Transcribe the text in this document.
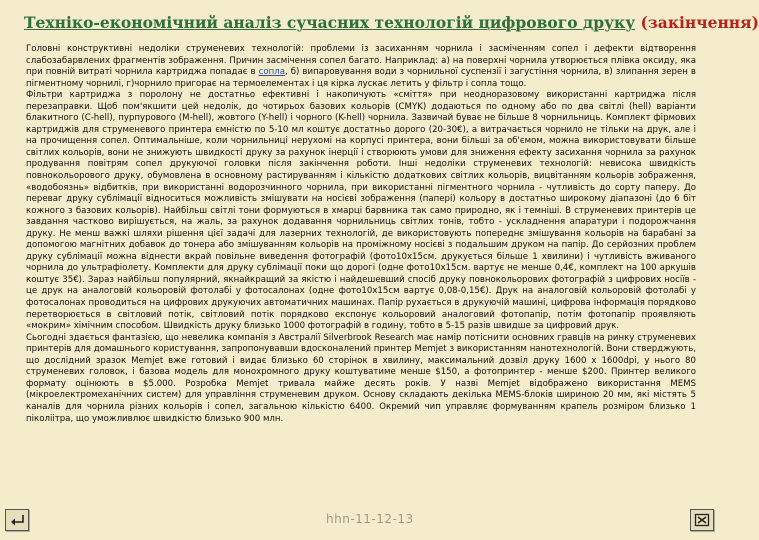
Техніко-економічний аналіз сучасних технологій цифрового друку (закінчення)

Головні конструктивні недоліки струменевих технологій: проблеми із засиханням чорнила і засміченням сопел і дефекти відтворення слабозабарвлених фрагментів зображення. Причин засмічення сопел багато. Наприклад: а) на поверхні чорнила утворюється плівка оксиду, яка при повній витраті чорнила картриджа попадає в сопла, б) випаровування води з чорнильної суспензії і загустіння чорнила, в) злипання зерен в пігментному чорнилі, г)чорнило пригорає на термоелементах і ця кірка лускає летить у фільтр і сопла тощо.

Фільтри картриджа з поролону не достатньо ефективні і накопичують «сміття» при неодноразовому використанні картриджа після перезаправки. Щоб пом'якшити цей недолік, до чотирьох базових кольорів (CMYK) додаються по одному або по два світлі (hell) варіанти блакитного (C-hell), пурпурового (M-hell), жовтого (Y-hell) і чорного (K-hell) чорнила. Зазвичай буває не більше 8 чорнильниць. Комплект фірмових картриджів для струменевого принтера ємністю по 5-10 мл коштує достатньо дорого (20-30€), а витрачається чорнило не тільки на друк, але і на прочищення сопел. Оптимальніше, коли чорнильниці нерухомі на корпусі принтера, вони більші за об'ємом, можна використовувати більше світлих кольорів, вони не знижують швидкості друку за рахунок інерції і створюють умови для зниження ефекту засихання чорнила за рахунок продування повітрям сопел друкуючої головки після закінчення роботи. Інші недоліки струменевих технологій: невисока швидкість повнокольорового друку, обумовлена в основному растируванням і кількістю додаткових світлих кольорів, вицвітанням кольорів зображення, «водобоязнь» відбитків, при використанні водорозчинного чорнила, при використанні пігментного чорнила - чутливість до сорту паперу. До переваг друку сублімації відноситься можливість змішувати на носієві зображення (папері) кольору в достатньо широкому діапазоні (до 6 біт кожного з базових кольорів). Найбільш світлі тони формуються в хмарці барвника так само природно, як і темніші. В струменевих принтерів це завдання частково вирішується, на жаль, за рахунок додавання чорнильниць світлих тонів, тобто - ускладнення апаратури і подорожчання друку. Не менш важкі шляхи рішення цієї задачі для лазерних технологій, де використовують попереднє змішування кольорів на барабані за допомогою магнітних добавок до тонера або змішуванням кольорів на проміжному носієві з подальшим друком на папір. До серйозних проблем друку сублімації можна віднести вкрай повільне виведення фотографій (фото10х15см. друкується більше 1 хвилини) і чутливість вживаного чорнила до ультрафіолету. Комплекти для друку сублімації поки що дорогі (одне фото10х15см. вартує не менше 0,4€, комплект на 100 аркушів коштує 35€). Зараз найбільш популярний, якнайкращий за якістю і найдешевший спосіб друку повнокольорових фотографій з цифрових носіїв - це друк на аналоговій кольоровій фотолабі у фотосалонах (одне фото10х15см вартує 0,08-0,15€). Друк на аналоговій кольоровій фотолабі у фотосалонах проводиться на цифрових друкуючих автоматичних машинах. Папір рухається в друкуючій машині, цифрова інформація порядково перетворюється в світловий потік, світловий потік порядково експонує кольоровий аналоговий фотопапір, потім фотопапір проявляють «мокрим» хімічним способом. Швидкість друку близько 1000 фотографій в годину, тобто в 5-15 разів швидше за цифровий друк.

Сьогодні здається фантазією, що невелика компанія з Австралії Silverbrook Research має намір потіснити основних гравців на ринку струменевих принтерів для домашнього користування, запропонувавши вдосконалений принтер Memjet з використанням нанотехнологій. Вони стверджують, що дослідний зразок Memjet вже готовий і видає близько 60 сторінок в хвилину, максимальний дозвіл друку 1600 х 1600dpi, у нього 80 струменевих головок, і базова модель для монохромного друку коштуватиме менше $150, а фотопринтер - менше $200. Принтер великого формату оцінюють в $5.000. Розробка Memjet тривала майже десять років. У назві Memjet відображено використання MEMS (мікроелектромеханічних систем) для управління струменевим друком. Основу складають декілька MEMS-блоків шириною 20 мм, які містять 5 каналів для чорнила різних кольорів і сопел, загальною кількістю 6400. Окремий чип управляє формуванням крапель розміром близько 1 піколіітра, що уможливлює швидкістю близько 900 млн.

hhn-11-12-13
